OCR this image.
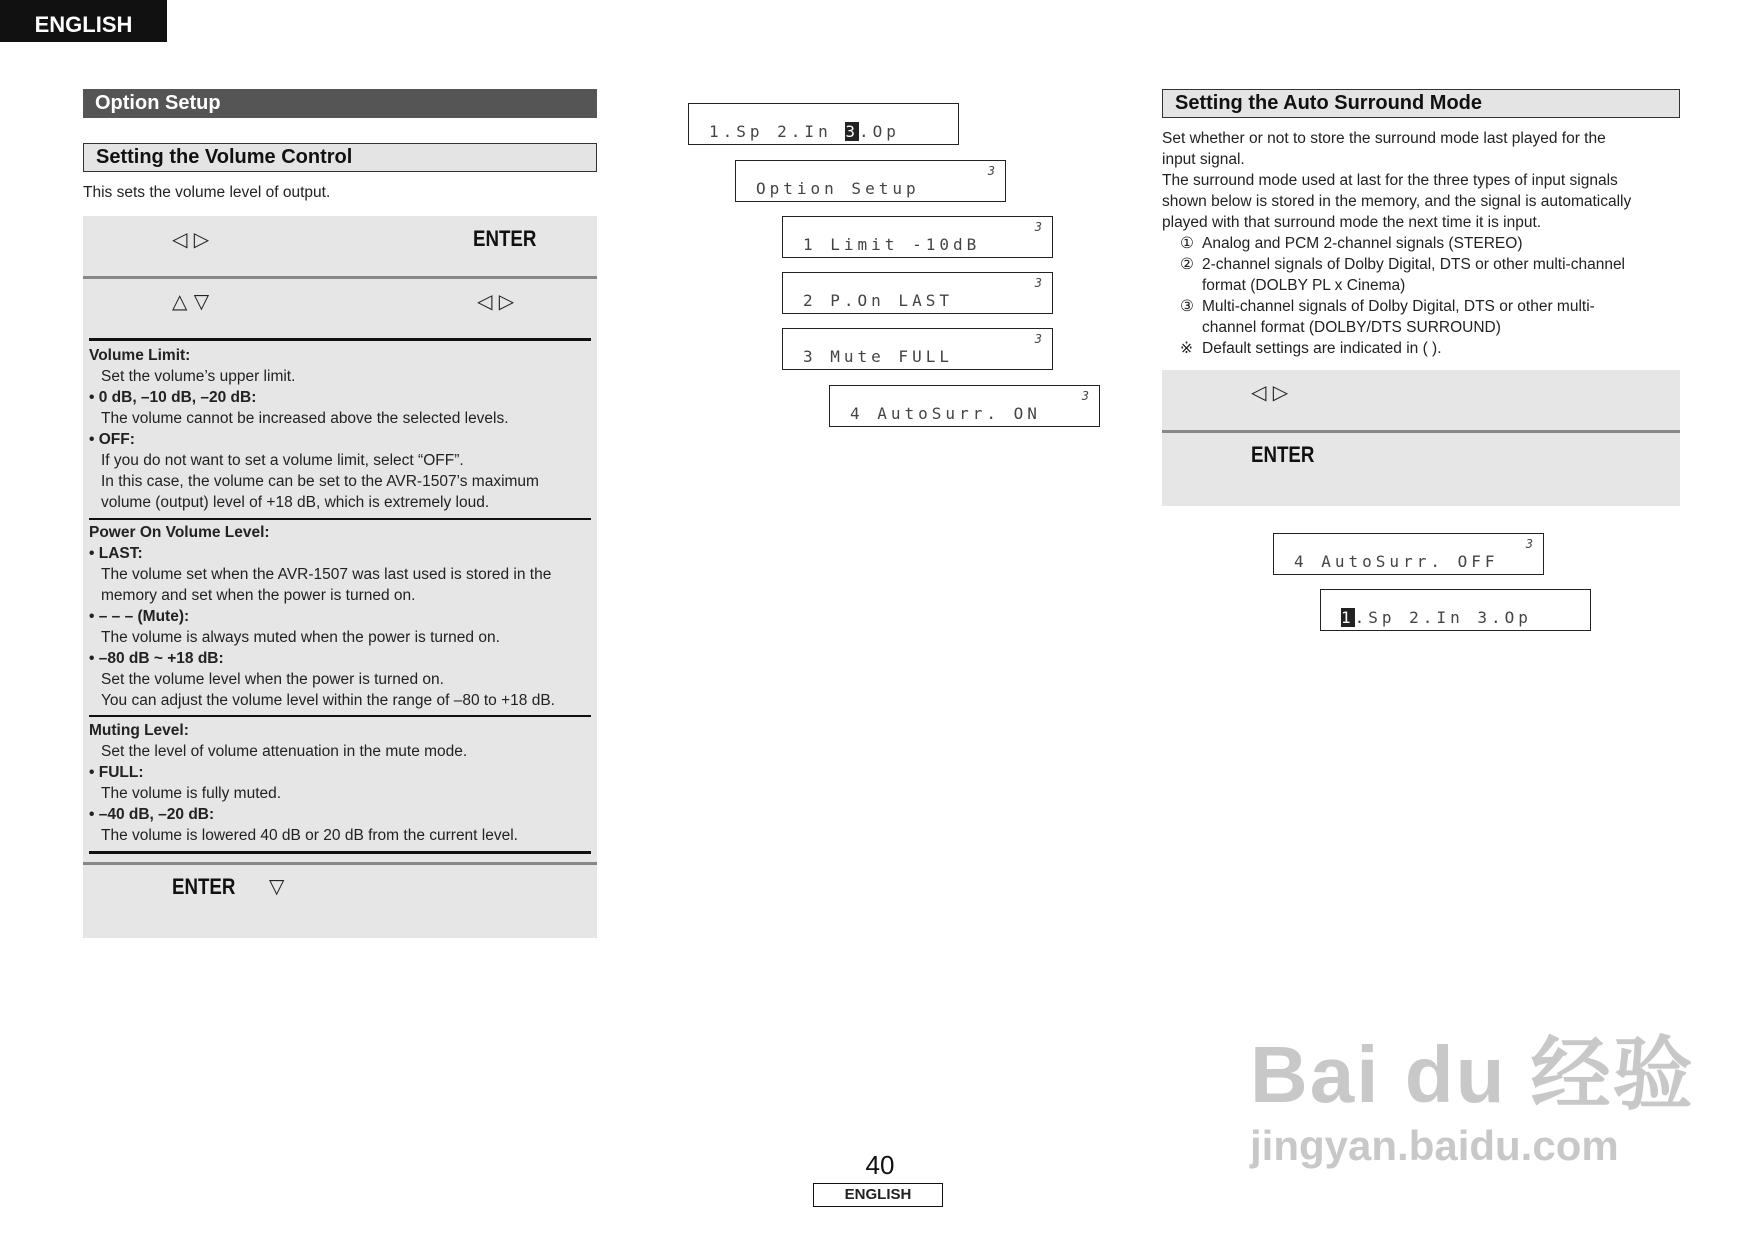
ENGLISH
Option Setup
Setting the Volume Control
This sets the volume level of output.
◁ ▷	ENTER
△ ▽	◁ ▷
Volume Limit:
Set the volume’s upper limit.
• 0 dB, –10 dB, –20 dB:
The volume cannot be increased above the selected levels.
• OFF:
If you do not want to set a volume limit, select “OFF”.
In this case, the volume can be set to the AVR-1507’s maximum
volume (output) level of +18 dB, which is extremely loud.
Power On Volume Level:
• LAST:
The volume set when the AVR-1507 was last used is stored in the
memory and set when the power is turned on.
• – – – (Mute):
The volume is always muted when the power is turned on.
• –80 dB ~ +18 dB:
Set the volume level when the power is turned on.
You can adjust the volume level within the range of –80 to +18 dB.
Muting Level:
Set the level of volume attenuation in the mute mode.
• FULL:
The volume is fully muted.
• –40 dB, –20 dB:
The volume is lowered 40 dB or 20 dB from the current level.
ENTER ▽
1.Sp 2.In 3.Op
3
Option Setup
3
1 Limit -10dB
3
2 P.On LAST
3
3 Mute FULL
3
4 AutoSurr. ON
Setting the Auto Surround Mode
Set whether or not to store the surround mode last played for the
input signal.
The surround mode used at last for the three types of input signals
shown below is stored in the memory, and the signal is automatically
played with that surround mode the next time it is input.
① Analog and PCM 2-channel signals (STEREO)
② 2-channel signals of Dolby Digital, DTS or other multi-channel
format (DOLBY PL x Cinema)
③ Multi-channel signals of Dolby Digital, DTS or other multi-
channel format (DOLBY/DTS SURROUND)
※ Default settings are indicated in ( ).
◁ ▷
ENTER
3
4 AutoSurr. OFF
1.Sp 2.In 3.Op
Bai du 经验
jingyan.baidu.com
40
ENGLISH
